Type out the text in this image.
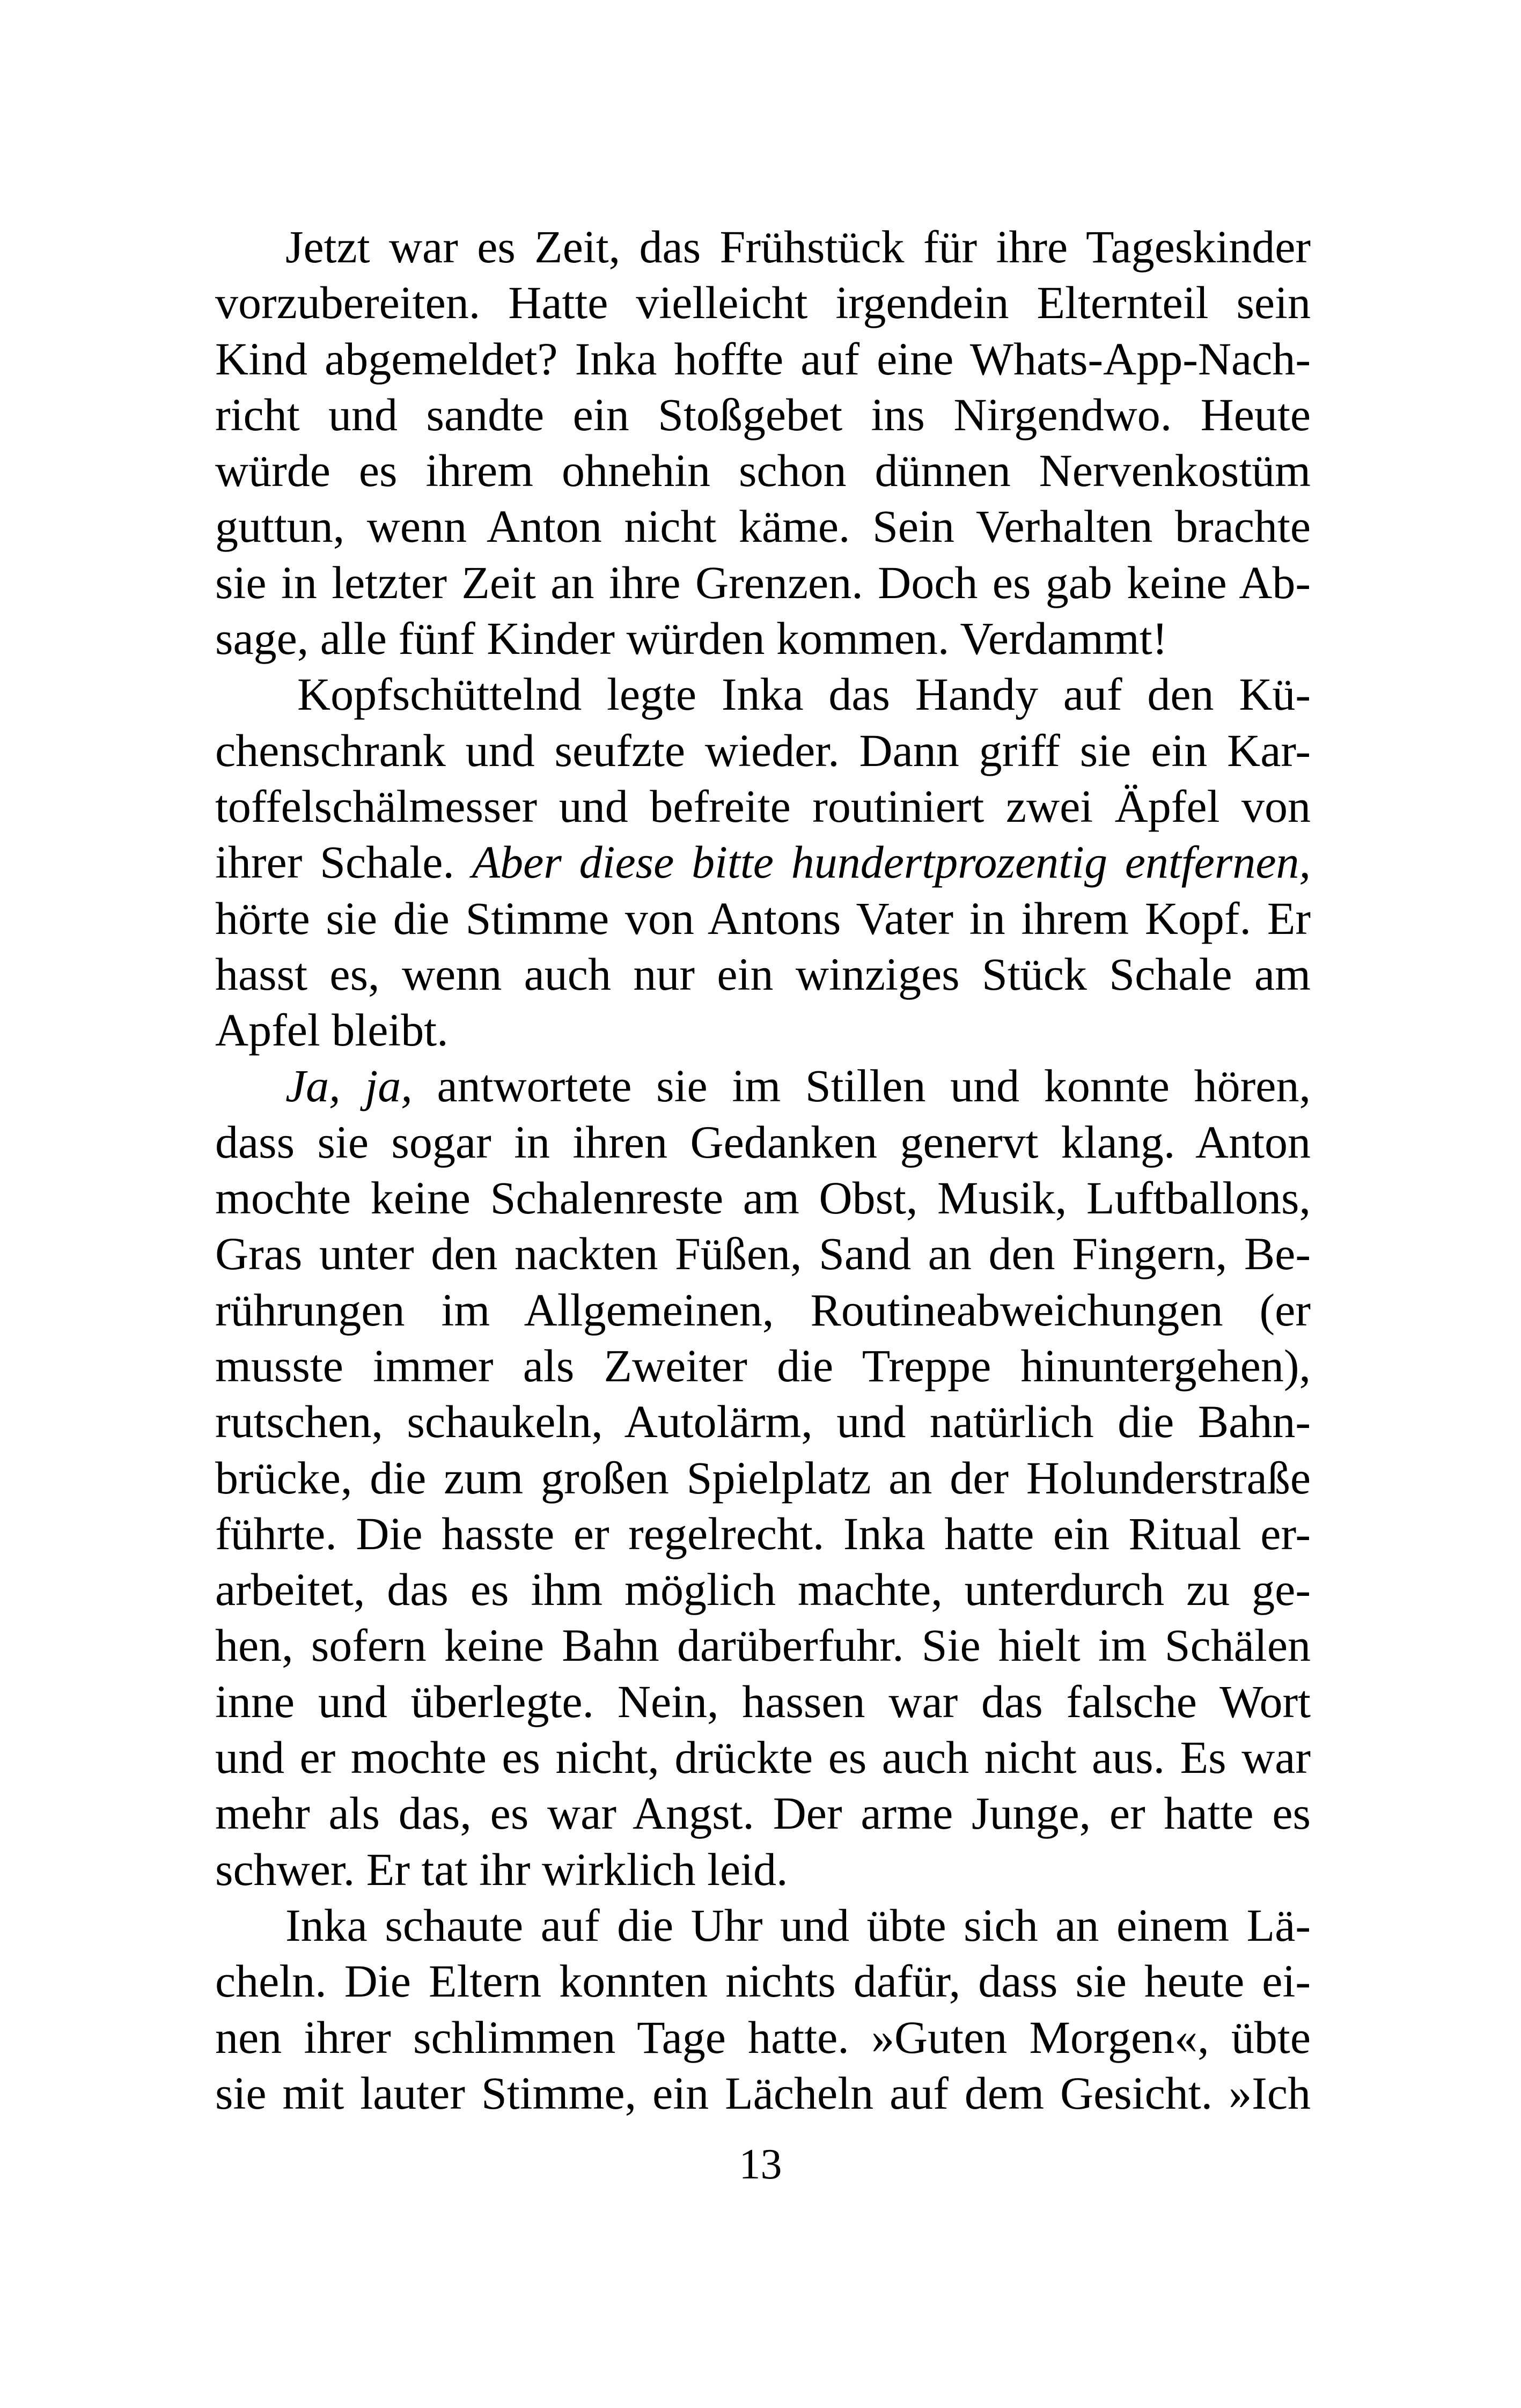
Jetzt war es Zeit, das Frühstück für ihre Tageskinder
vorzubereiten. Hatte vielleicht irgendein Elternteil sein
Kind abgemeldet? Inka hoffte auf eine Whats-App-Nach-
richt und sandte ein Stoßgebet ins Nirgendwo. Heute
würde es ihrem ohnehin schon dünnen Nervenkostüm
guttun, wenn Anton nicht käme. Sein Verhalten brachte
sie in letzter Zeit an ihre Grenzen. Doch es gab keine Ab-
sage, alle fünf Kinder würden kommen. Verdammt!
Kopfschüttelnd legte Inka das Handy auf den Kü-
chenschrank und seufzte wieder. Dann griff sie ein Kar-
toffelschälmesser und befreite routiniert zwei Äpfel von
ihrer Schale. Aber diese bitte hundertprozentig entfernen,
hörte sie die Stimme von Antons Vater in ihrem Kopf. Er
hasst es, wenn auch nur ein winziges Stück Schale am
Apfel bleibt.
Ja, ja, antwortete sie im Stillen und konnte hören,
dass sie sogar in ihren Gedanken genervt klang. Anton
mochte keine Schalenreste am Obst, Musik, Luftballons,
Gras unter den nackten Füßen, Sand an den Fingern, Be-
rührungen im Allgemeinen, Routineabweichungen (er
musste immer als Zweiter die Treppe hinuntergehen),
rutschen, schaukeln, Autolärm, und natürlich die Bahn-
brücke, die zum großen Spielplatz an der Holunderstraße
führte. Die hasste er regelrecht. Inka hatte ein Ritual er-
arbeitet, das es ihm möglich machte, unterdurch zu ge-
hen, sofern keine Bahn darüberfuhr. Sie hielt im Schälen
inne und überlegte. Nein, hassen war das falsche Wort
und er mochte es nicht, drückte es auch nicht aus. Es war
mehr als das, es war Angst. Der arme Junge, er hatte es
schwer. Er tat ihr wirklich leid.
Inka schaute auf die Uhr und übte sich an einem Lä-
cheln. Die Eltern konnten nichts dafür, dass sie heute ei-
nen ihrer schlimmen Tage hatte. »Guten Morgen«, übte
sie mit lauter Stimme, ein Lächeln auf dem Gesicht. »Ich
13
